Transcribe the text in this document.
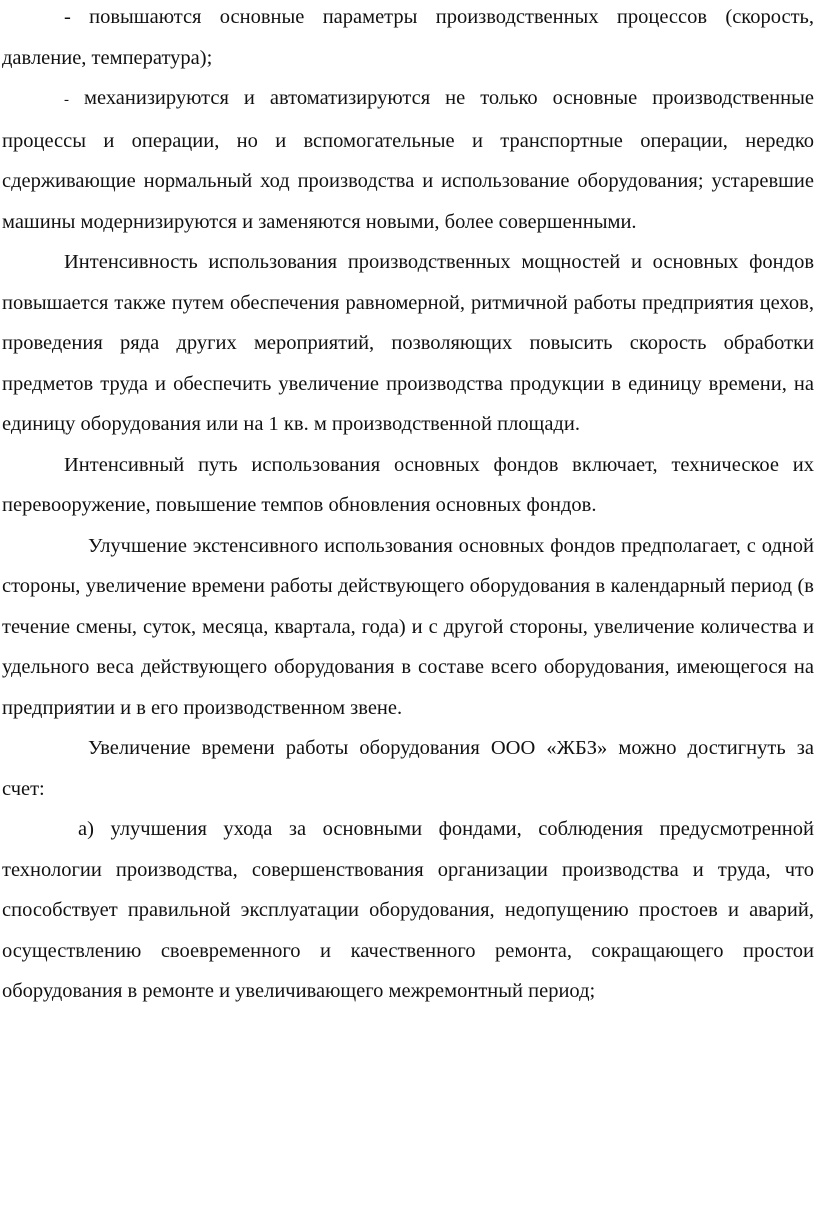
- повышаются основные параметры производственных процессов (скорость, давление, температура);

- механизируются и автоматизируются не только основные производственные процессы и операции, но и вспомогательные и транспортные операции, нередко сдерживающие нормальный ход производства и использование оборудования; устаревшие машины модернизируются и заменяются новыми, более совершенными.

Интенсивность использования производственных мощностей и основных фондов повышается также путем обеспечения равномерной, ритмичной работы предприятия цехов, проведения ряда других мероприятий, позволяющих повысить скорость обработки предметов труда и обеспечить увеличение производства продукции в единицу времени, на единицу оборудования или на 1 кв. м производственной площади.

Интенсивный путь использования основных фондов включает, техническое их перевооружение, повышение темпов обновления основных фондов.

Улучшение экстенсивного использования основных фондов предполагает, с одной стороны, увеличение времени работы действующего оборудования в календарный период (в течение смены, суток, месяца, квартала, года) и с другой стороны, увеличение количества и удельного веса действующего оборудования в составе всего оборудования, имеющегося на предприятии и в его производственном звене.

Увеличение времени работы оборудования ООО «ЖБЗ» можно достигнуть за счет:

а) улучшения ухода за основными фондами, соблюдения предусмотренной технологии производства, совершенствования организации производства и труда, что способствует правильной эксплуатации оборудования, недопущению простоев и аварий, осуществлению своевременного и качественного ремонта, сокращающего простои оборудования в ремонте и увеличивающего межремонтный период;
